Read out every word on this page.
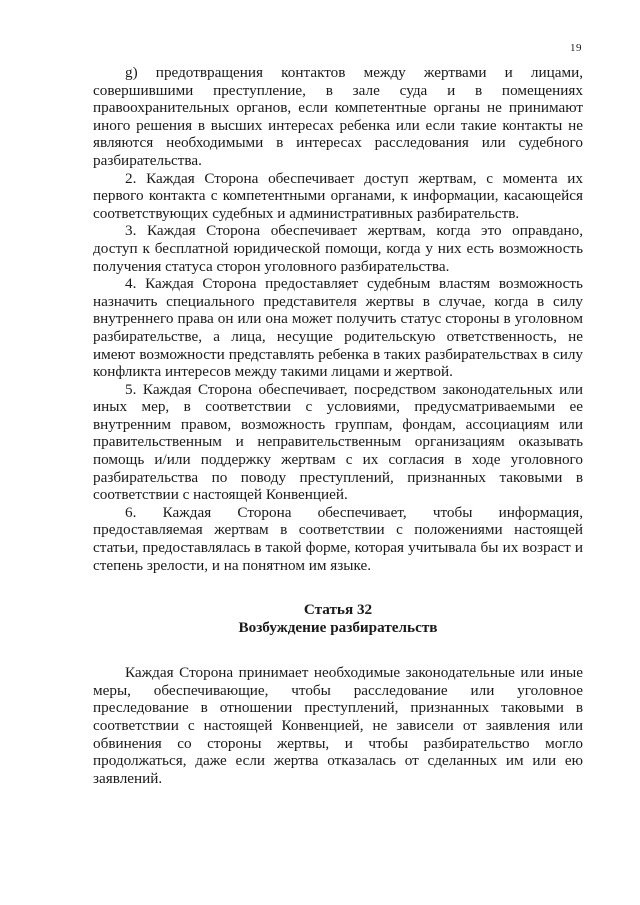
19

g) предотвращения контактов между жертвами и лицами, совершившими преступление, в зале суда и в помещениях правоохранительных органов, если компетентные органы не принимают иного решения в высших интересах ребенка или если такие контакты не являются необходимыми в интересах расследования или судебного разбирательства.

2. Каждая Сторона обеспечивает доступ жертвам, с момента их первого контакта с компетентными органами, к информации, касающейся соответствующих судебных и административных разбирательств.

3. Каждая Сторона обеспечивает жертвам, когда это оправдано, доступ к бесплатной юридической помощи, когда у них есть возможность получения статуса сторон уголовного разбирательства.

4. Каждая Сторона предоставляет судебным властям возможность назначить специального представителя жертвы в случае, когда в силу внутреннего права он или она может получить статус стороны в уголовном разбирательстве, а лица, несущие родительскую ответственность, не имеют возможности представлять ребенка в таких разбирательствах в силу конфликта интересов между такими лицами и жертвой.

5. Каждая Сторона обеспечивает, посредством законодательных или иных мер, в соответствии с условиями, предусматриваемыми ее внутренним правом, возможность группам, фондам, ассоциациям или правительственным и неправительственным организациям оказывать помощь и/или поддержку жертвам с их согласия в ходе уголовного разбирательства по поводу преступлений, признанных таковыми в соответствии с настоящей Конвенцией.

6. Каждая Сторона обеспечивает, чтобы информация, предоставляемая жертвам в соответствии с положениями настоящей статьи, предоставлялась в такой форме, которая учитывала бы их возраст и степень зрелости, и на понятном им языке.

Статья 32
Возбуждение разбирательств

Каждая Сторона принимает необходимые законодательные или иные меры, обеспечивающие, чтобы расследование или уголовное преследование в отношении преступлений, признанных таковыми в соответствии с настоящей Конвенцией, не зависели от заявления или обвинения со стороны жертвы, и чтобы разбирательство могло продолжаться, даже если жертва отказалась от сделанных им или ею заявлений.
